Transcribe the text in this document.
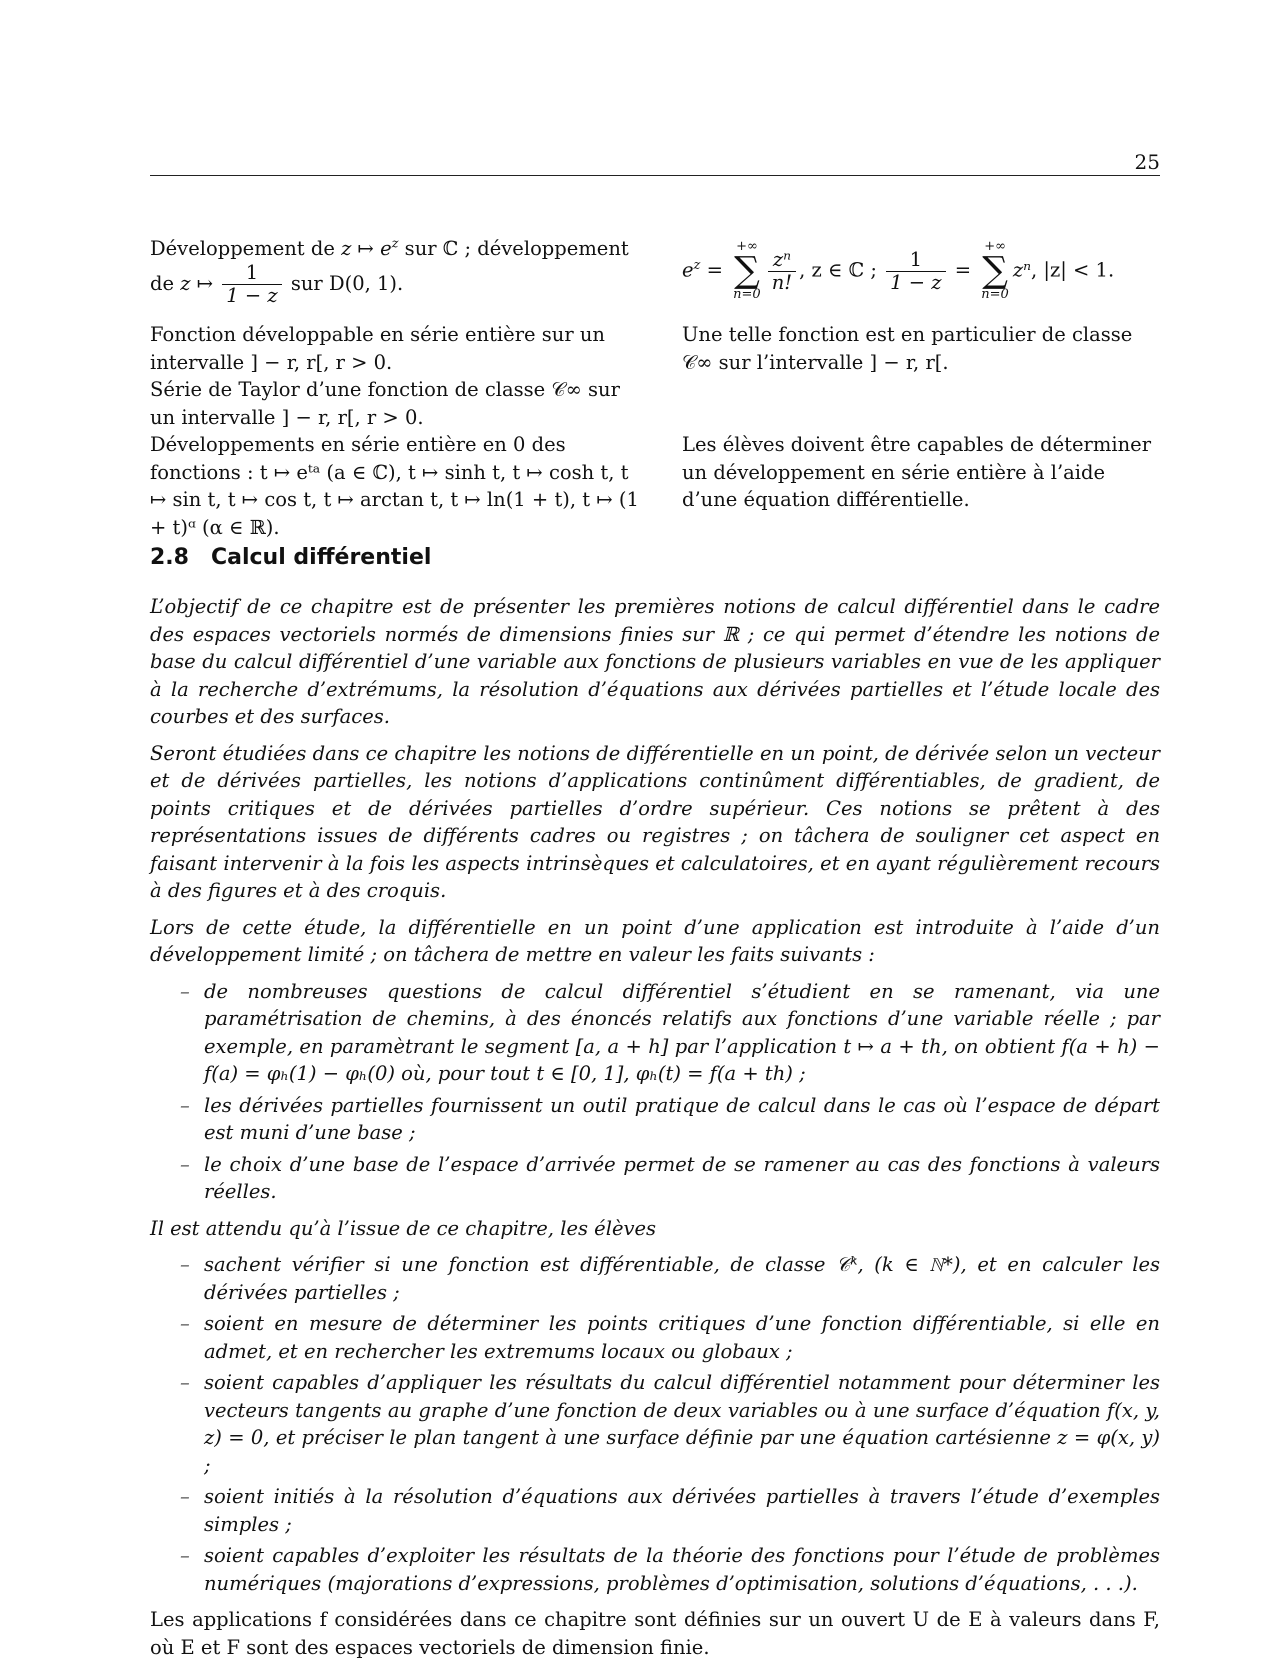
25
Développement de z ↦ $e^z$ sur ℂ ; développement de z ↦ $\frac{1}{1 - z}$ sur D(0, 1).
$e^z$ =
+∞
∑
n=0
$\frac{\text{zⁿ}}{n!}$ , z ∈ ℂ ; $\frac{1}{1 - z}$ =
+∞
∑
n=0
zⁿ, |z| < 1.
Fonction développable en série entière sur un intervalle ] − r, r[, r > 0.
Une telle fonction est en particulier de classe 𝒞∞ sur l’intervalle ] − r, r[.
Série de Taylor d’une fonction de classe 𝒞∞ sur un intervalle ] − r, r[, r > 0.
Développements en série entière en 0 des fonctions : t ↦ eᵗᵃ (a ∈ ℂ), t ↦ sinh t, t ↦ cosh t, t ↦ sin t, t ↦ cos t, t ↦ arctan t, t ↦ ln(1 + t), t ↦ (1 + t)ᵅ (α ∈ ℝ).
Les élèves doivent être capables de déterminer un développement en série entière à l’aide d’une équation différentielle.
2.8 Calcul différentiel

L’objectif de ce chapitre est de présenter les premières notions de calcul différentiel dans le cadre des espaces vectoriels normés de dimensions finies sur ℝ ; ce qui permet d’étendre les notions de base du calcul différentiel d’une variable aux fonctions de plusieurs variables en vue de les appliquer à la recherche d’extrémums, la résolution d’équations aux dérivées partielles et l’étude locale des courbes et des surfaces.

Seront étudiées dans ce chapitre les notions de différentielle en un point, de dérivée selon un vecteur et de dérivées partielles, les notions d’applications continûment différentiables, de gradient, de points critiques et de dérivées partielles d’ordre supérieur. Ces notions se prêtent à des représentations issues de différents cadres ou registres ; on tâchera de souligner cet aspect en faisant intervenir à la fois les aspects intrinsèques et calculatoires, et en ayant régulièrement recours à des figures et à des croquis.

Lors de cette étude, la différentielle en un point d’une application est introduite à l’aide d’un développement limité ; on tâchera de mettre en valeur les faits suivants :

– de nombreuses questions de calcul différentiel s’étudient en se ramenant, via une paramétrisation de chemins, à des énoncés relatifs aux fonctions d’une variable réelle ; par exemple, en paramètrant le segment [a, a + h] par l’application t ↦ a + th, on obtient f(a + h) − f(a) = φₕ(1) − φₕ(0) où, pour tout t ∈ [0, 1], φₕ(t) = f(a + th) ;
– les dérivées partielles fournissent un outil pratique de calcul dans le cas où l’espace de départ est muni d’une base ;
– le choix d’une base de l’espace d’arrivée permet de se ramener au cas des fonctions à valeurs réelles.

Il est attendu qu’à l’issue de ce chapitre, les élèves

– sachent vérifier si une fonction est différentiable, de classe 𝒞ᵏ, (k ∈ ℕ*), et en calculer les dérivées partielles ;
– soient en mesure de déterminer les points critiques d’une fonction différentiable, si elle en admet, et en rechercher les extremums locaux ou globaux ;
– soient capables d’appliquer les résultats du calcul différentiel notamment pour déterminer les vecteurs tangents au graphe d’une fonction de deux variables ou à une surface d’équation f(x, y, z) = 0, et préciser le plan tangent à une surface définie par une équation cartésienne z = φ(x, y) ;
– soient initiés à la résolution d’équations aux dérivées partielles à travers l’étude d’exemples simples ;
– soient capables d’exploiter les résultats de la théorie des fonctions pour l’étude de problèmes numériques (majorations d’expressions, problèmes d’optimisation, solutions d’équations, . . .).

Les applications f considérées dans ce chapitre sont définies sur un ouvert U de E à valeurs dans F, où E et F sont des espaces vectoriels de dimension finie.
